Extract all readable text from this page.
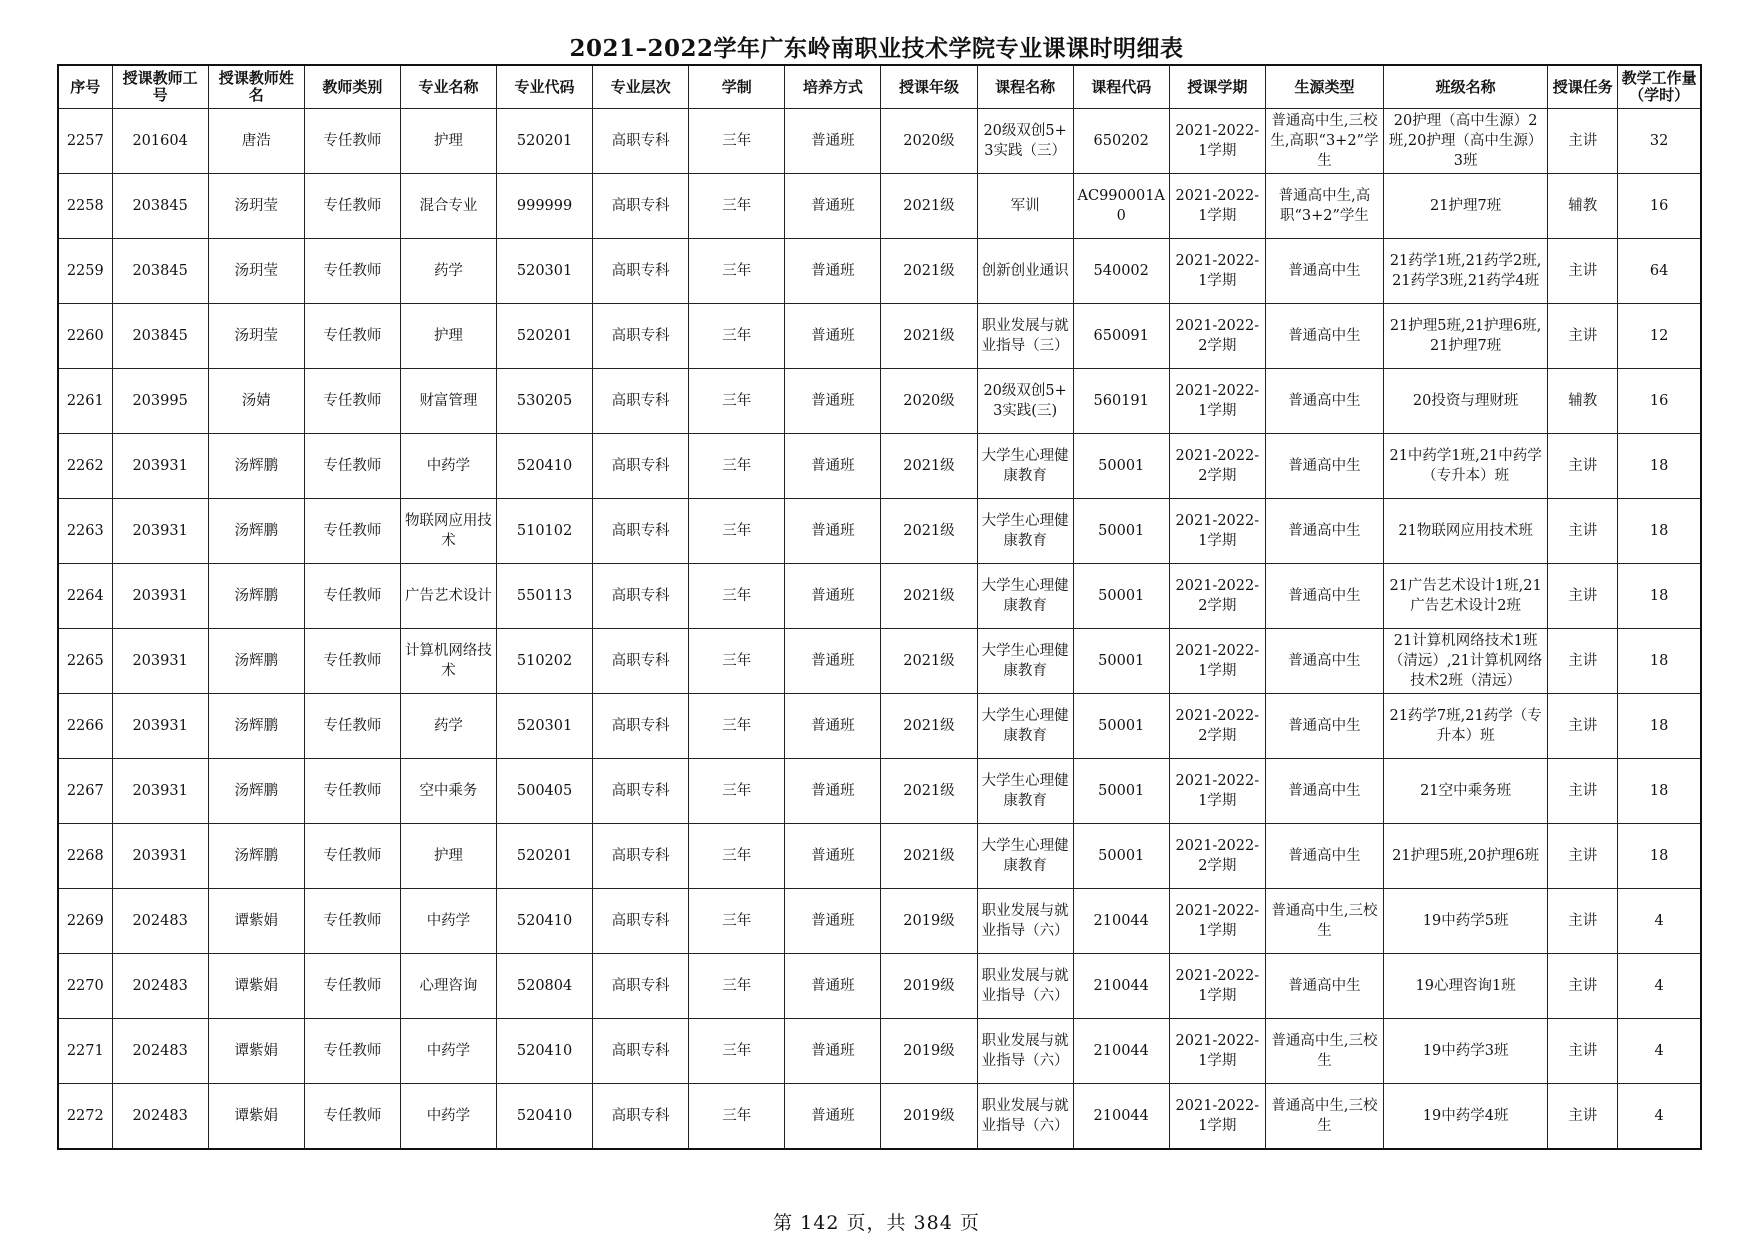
2021–2022学年广东岭南职业技术学院专业课课时明细表
序号	授课教师工号	授课教师姓名	教师类别	专业名称	专业代码	专业层次	学制	培养方式	授课年级	课程名称	课程代码	授课学期	生源类型	班级名称	授课任务	教学工作量（学时）
2257	201604	唐浩	专任教师	护理	520201	高职专科	三年	普通班	2020级	20级双创5+3实践（三）	650202	2021-2022-1学期	普通高中生,三校生,高职“3+2”学生	20护理（高中生源）2班,20护理（高中生源）3班	主讲	32
2258	203845	汤玥莹	专任教师	混合专业	999999	高职专科	三年	普通班	2021级	军训	AC990001A0	2021-2022-1学期	普通高中生,高职“3+2”学生	21护理7班	辅教	16
2259	203845	汤玥莹	专任教师	药学	520301	高职专科	三年	普通班	2021级	创新创业通识	540002	2021-2022-1学期	普通高中生	21药学1班,21药学2班,21药学3班,21药学4班	主讲	64
2260	203845	汤玥莹	专任教师	护理	520201	高职专科	三年	普通班	2021级	职业发展与就业指导（三）	650091	2021-2022-2学期	普通高中生	21护理5班,21护理6班,21护理7班	主讲	12
2261	203995	汤婧	专任教师	财富管理	530205	高职专科	三年	普通班	2020级	20级双创5+3实践(三)	560191	2021-2022-1学期	普通高中生	20投资与理财班	辅教	16
2262	203931	汤辉鹏	专任教师	中药学	520410	高职专科	三年	普通班	2021级	大学生心理健康教育	50001	2021-2022-2学期	普通高中生	21中药学1班,21中药学（专升本）班	主讲	18
2263	203931	汤辉鹏	专任教师	物联网应用技术	510102	高职专科	三年	普通班	2021级	大学生心理健康教育	50001	2021-2022-1学期	普通高中生	21物联网应用技术班	主讲	18
2264	203931	汤辉鹏	专任教师	广告艺术设计	550113	高职专科	三年	普通班	2021级	大学生心理健康教育	50001	2021-2022-2学期	普通高中生	21广告艺术设计1班,21广告艺术设计2班	主讲	18
2265	203931	汤辉鹏	专任教师	计算机网络技术	510202	高职专科	三年	普通班	2021级	大学生心理健康教育	50001	2021-2022-1学期	普通高中生	21计算机网络技术1班（清远）,21计算机网络技术2班（清远）	主讲	18
2266	203931	汤辉鹏	专任教师	药学	520301	高职专科	三年	普通班	2021级	大学生心理健康教育	50001	2021-2022-2学期	普通高中生	21药学7班,21药学（专升本）班	主讲	18
2267	203931	汤辉鹏	专任教师	空中乘务	500405	高职专科	三年	普通班	2021级	大学生心理健康教育	50001	2021-2022-1学期	普通高中生	21空中乘务班	主讲	18
2268	203931	汤辉鹏	专任教师	护理	520201	高职专科	三年	普通班	2021级	大学生心理健康教育	50001	2021-2022-2学期	普通高中生	21护理5班,20护理6班	主讲	18
2269	202483	谭紫娟	专任教师	中药学	520410	高职专科	三年	普通班	2019级	职业发展与就业指导（六）	210044	2021-2022-1学期	普通高中生,三校生	19中药学5班	主讲	4
2270	202483	谭紫娟	专任教师	心理咨询	520804	高职专科	三年	普通班	2019级	职业发展与就业指导（六）	210044	2021-2022-1学期	普通高中生	19心理咨询1班	主讲	4
2271	202483	谭紫娟	专任教师	中药学	520410	高职专科	三年	普通班	2019级	职业发展与就业指导（六）	210044	2021-2022-1学期	普通高中生,三校生	19中药学3班	主讲	4
2272	202483	谭紫娟	专任教师	中药学	520410	高职专科	三年	普通班	2019级	职业发展与就业指导（六）	210044	2021-2022-1学期	普通高中生,三校生	19中药学4班	主讲	4
第 142 页，共 384 页
